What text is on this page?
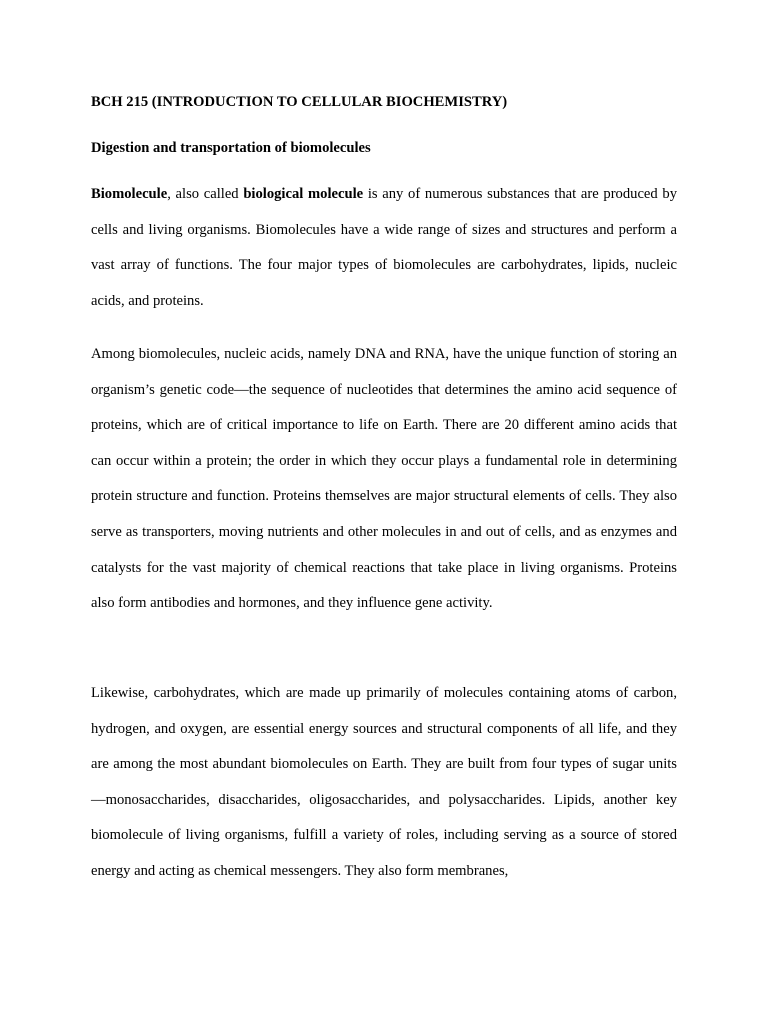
BCH 215 (INTRODUCTION TO CELLULAR BIOCHEMISTRY)

Digestion and transportation of biomolecules

Biomolecule, also called biological molecule is any of numerous substances that are produced by cells and living organisms. Biomolecules have a wide range of sizes and structures and perform a vast array of functions. The four major types of biomolecules are carbohydrates, lipids, nucleic acids, and proteins.

Among biomolecules, nucleic acids, namely DNA and RNA, have the unique function of storing an organism’s genetic code—the sequence of nucleotides that determines the amino acid sequence of proteins, which are of critical importance to life on Earth. There are 20 different amino acids that can occur within a protein; the order in which they occur plays a fundamental role in determining protein structure and function. Proteins themselves are major structural elements of cells. They also serve as transporters, moving nutrients and other molecules in and out of cells, and as enzymes and catalysts for the vast majority of chemical reactions that take place in living organisms. Proteins also form antibodies and hormones, and they influence gene activity.

Likewise, carbohydrates, which are made up primarily of molecules containing atoms of carbon, hydrogen, and oxygen, are essential energy sources and structural components of all life, and they are among the most abundant biomolecules on Earth. They are built from four types of sugar units—monosaccharides, disaccharides, oligosaccharides, and polysaccharides. Lipids, another key biomolecule of living organisms, fulfill a variety of roles, including serving as a source of stored energy and acting as chemical messengers. They also form membranes,
